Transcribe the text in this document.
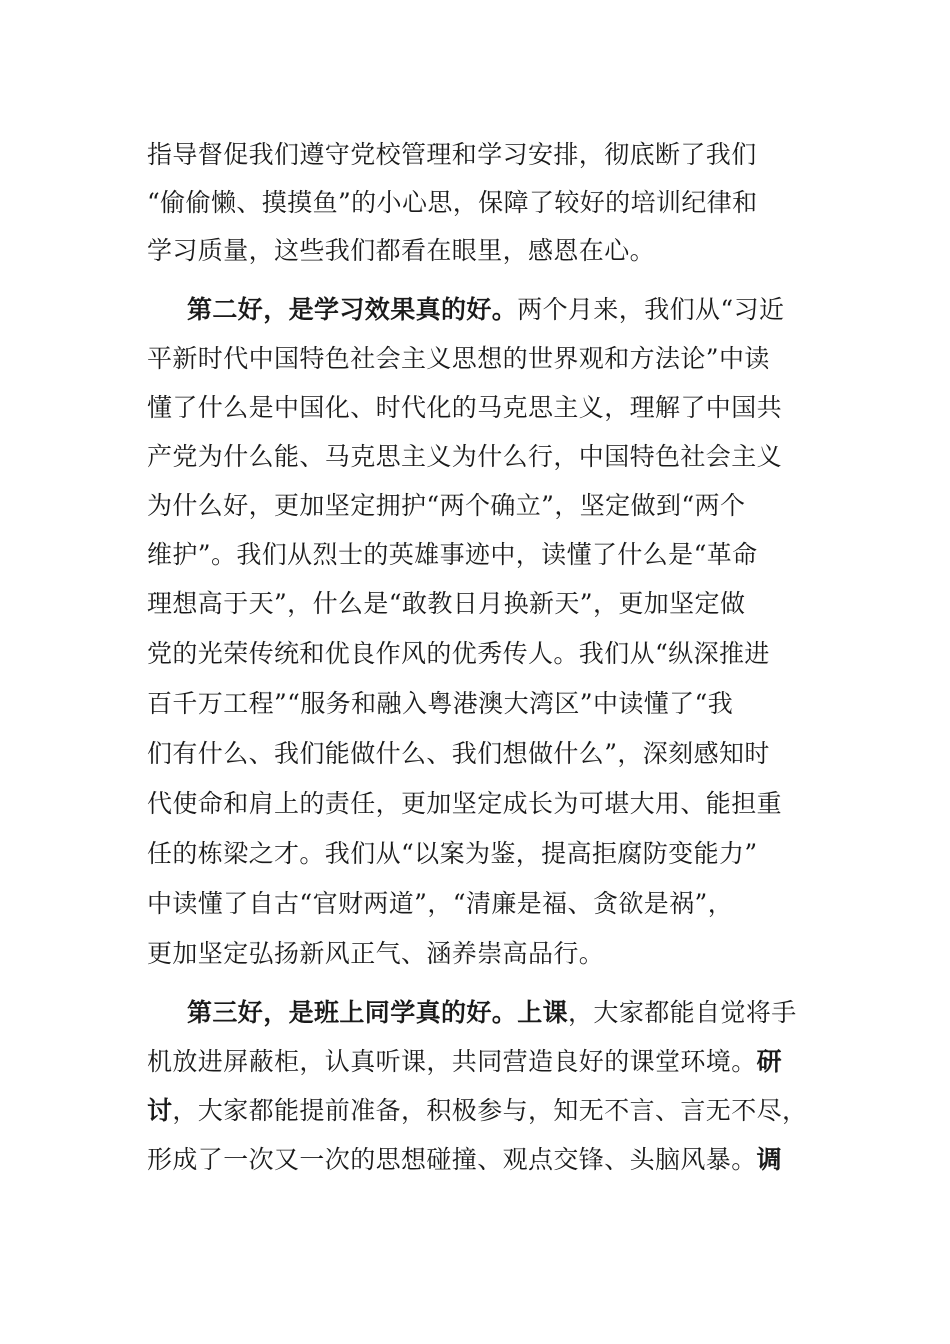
指导督促我们遵守党校管理和学习安排，彻底断了我们
“偷偷懒、摸摸鱼”的小心思，保障了较好的培训纪律和
学习质量，这些我们都看在眼里，感恩在心。
第二好，是学习效果真的好。两个月来，我们从“习近
平新时代中国特色社会主义思想的世界观和方法论”中读
懂了什么是中国化、时代化的马克思主义，理解了中国共
产党为什么能、马克思主义为什么行，中国特色社会主义
为什么好，更加坚定拥护“两个确立”，坚定做到“两个
维护”。我们从烈士的英雄事迹中，读懂了什么是“革命
理想高于天”，什么是“敢教日月换新天”，更加坚定做
党的光荣传统和优良作风的优秀传人。我们从“纵深推进
百千万工程”“服务和融入粤港澳大湾区”中读懂了“我
们有什么、我们能做什么、我们想做什么”，深刻感知时
代使命和肩上的责任，更加坚定成长为可堪大用、能担重
任的栋梁之才。我们从“以案为鉴，提高拒腐防变能力”
中读懂了自古“官财两道”，“清廉是福、贪欲是祸”，
更加坚定弘扬新风正气、涵养崇高品行。
第三好，是班上同学真的好。上课，大家都能自觉将手
机放进屏蔽柜，认真听课，共同营造良好的课堂环境。研
讨，大家都能提前准备，积极参与，知无不言、言无不尽，
形成了一次又一次的思想碰撞、观点交锋、头脑风暴。调
